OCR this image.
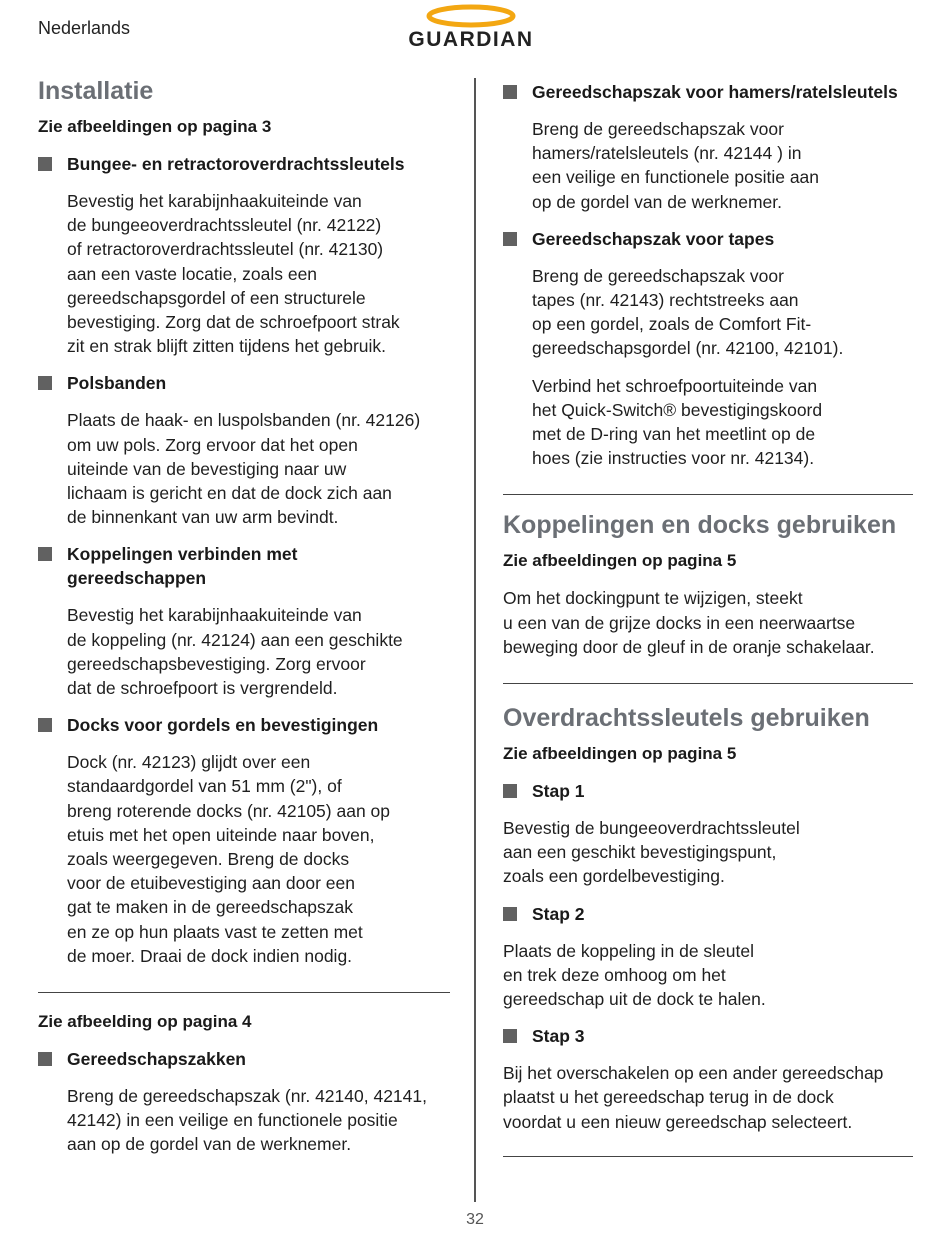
Nederlands	GUARDIAN
Installatie
Zie afbeeldingen op pagina 3
Bungee- en retractoroverdrachtssleutels
Bevestig het karabijnhaakuiteinde van
de bungeeoverdrachtssleutel (nr. 42122)
of retractoroverdrachtssleutel (nr. 42130)
aan een vaste locatie, zoals een
gereedschapsgordel of een structurele
bevestiging. Zorg dat de schroefpoort strak
zit en strak blijft zitten tijdens het gebruik.
Polsbanden
Plaats de haak- en luspolsbanden (nr. 42126)
om uw pols. Zorg ervoor dat het open
uiteinde van de bevestiging naar uw
lichaam is gericht en dat de dock zich aan
de binnenkant van uw arm bevindt.
Koppelingen verbinden met
gereedschappen
Bevestig het karabijnhaakuiteinde van
de koppeling (nr. 42124) aan een geschikte
gereedschapsbevestiging. Zorg ervoor
dat de schroefpoort is vergrendeld.
Docks voor gordels en bevestigingen
Dock (nr. 42123) glijdt over een
standaardgordel van 51 mm (2"), of
breng roterende docks (nr. 42105) aan op
etuis met het open uiteinde naar boven,
zoals weergegeven. Breng de docks
voor de etuibevestiging aan door een
gat te maken in de gereedschapszak
en ze op hun plaats vast te zetten met
de moer. Draai de dock indien nodig.
Zie afbeelding op pagina 4
Gereedschapszakken
Breng de gereedschapszak (nr. 42140, 42141,
42142) in een veilige en functionele positie
aan op de gordel van de werknemer.
Gereedschapszak voor hamers/ratelsleutels
Breng de gereedschapszak voor
hamers/ratelsleutels (nr. 42144 ) in
een veilige en functionele positie aan
op de gordel van de werknemer.
Gereedschapszak voor tapes
Breng de gereedschapszak voor
tapes (nr. 42143) rechtstreeks aan
op een gordel, zoals de Comfort Fit-
gereedschapsgordel (nr. 42100, 42101).
Verbind het schroefpoortuiteinde van
het Quick-Switch® bevestigingskoord
met de D-ring van het meetlint op de
hoes (zie instructies voor nr. 42134).
Koppelingen en docks gebruiken
Zie afbeeldingen op pagina 5
Om het dockingpunt te wijzigen, steekt
u een van de grijze docks in een neerwaartse
beweging door de gleuf in de oranje schakelaar.
Overdrachtssleutels gebruiken
Zie afbeeldingen op pagina 5
Stap 1
Bevestig de bungeeoverdrachtssleutel
aan een geschikt bevestigingspunt,
zoals een gordelbevestiging.
Stap 2
Plaats de koppeling in de sleutel
en trek deze omhoog om het
gereedschap uit de dock te halen.
Stap 3
Bij het overschakelen op een ander gereedschap
plaatst u het gereedschap terug in de dock
voordat u een nieuw gereedschap selecteert.
32
